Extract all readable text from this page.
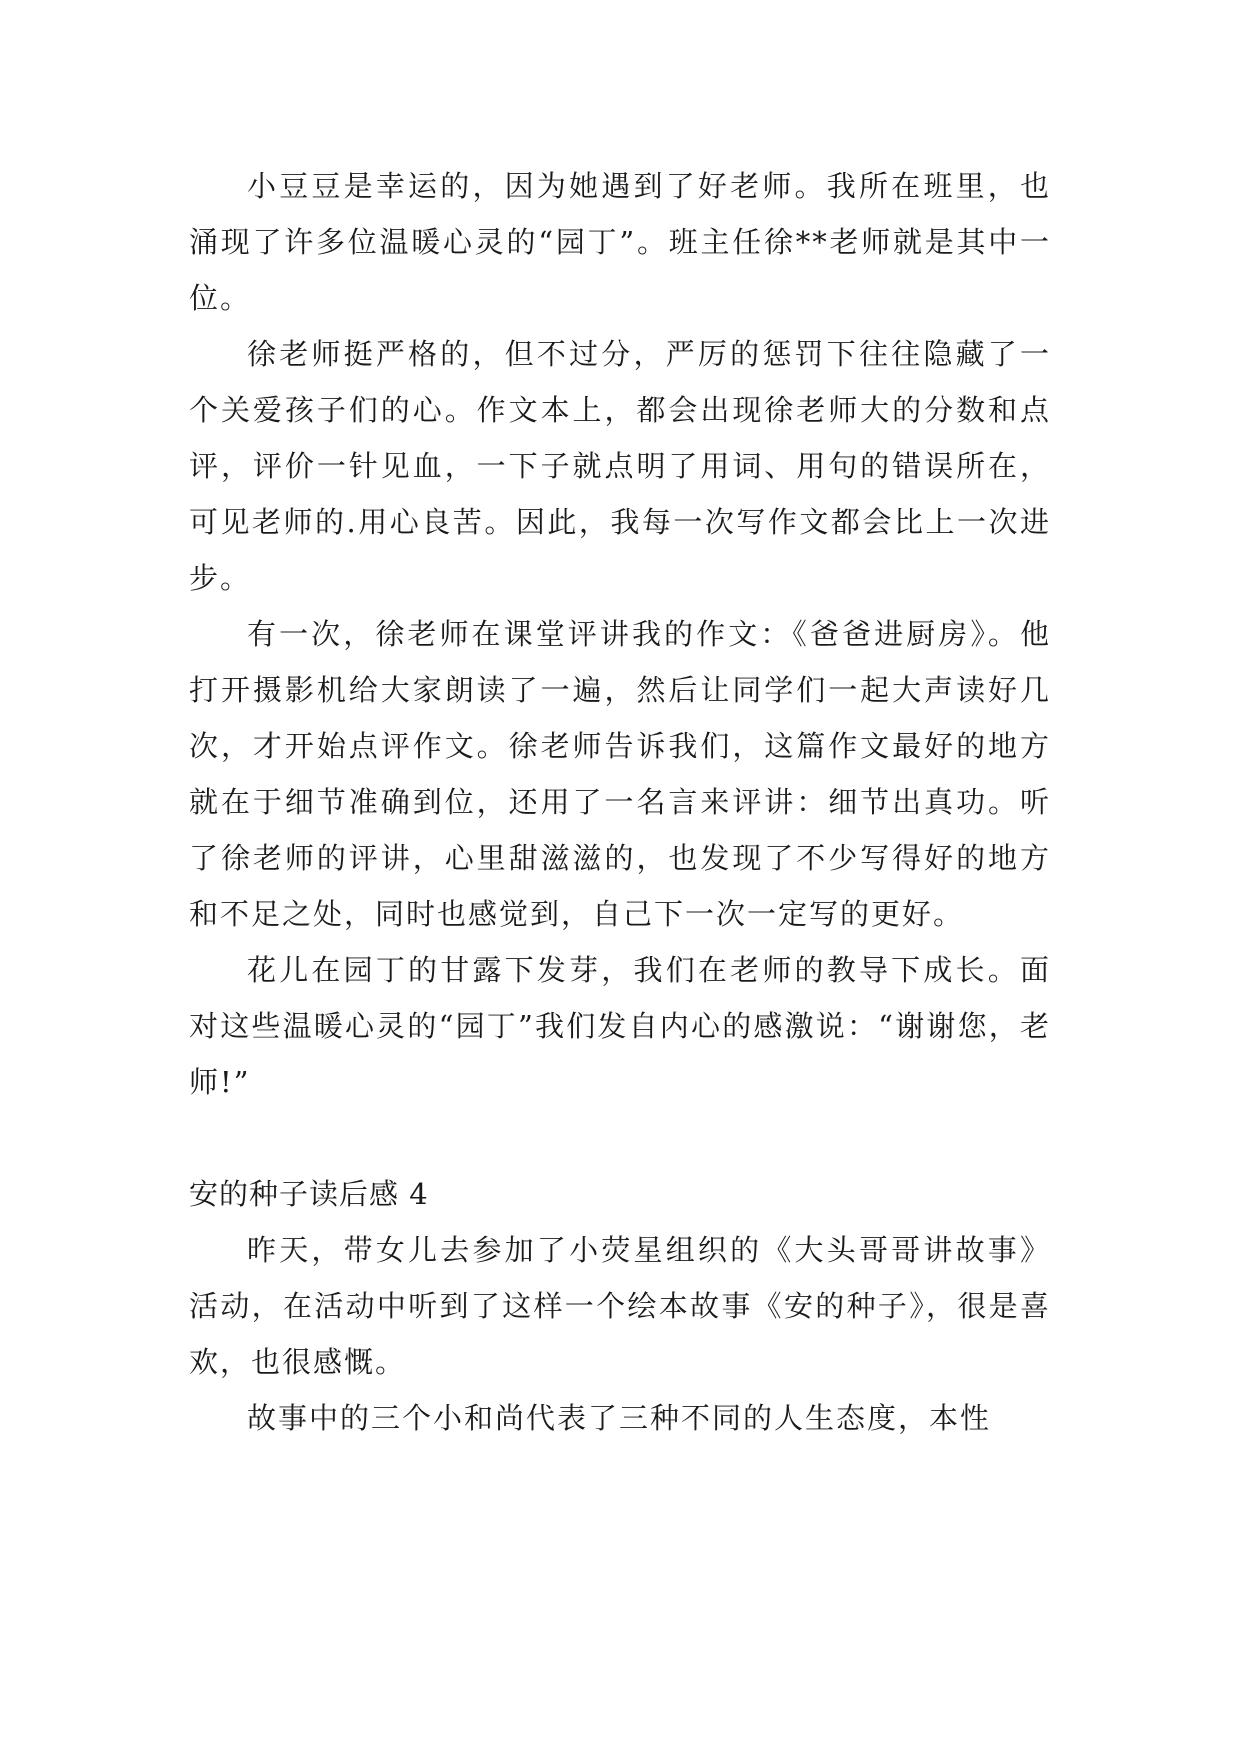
小豆豆是幸运的，因为她遇到了好老师。我所在班里，也涌现了许多位温暖心灵的“园丁”。班主任徐**老师就是其中一位。

徐老师挺严格的，但不过分，严厉的惩罚下往往隐藏了一个关爱孩子们的心。作文本上，都会出现徐老师大的分数和点评，评价一针见血，一下子就点明了用词、用句的错误所在，可见老师的.用心良苦。因此，我每一次写作文都会比上一次进步。

有一次，徐老师在课堂评讲我的作文：《爸爸进厨房》。他打开摄影机给大家朗读了一遍，然后让同学们一起大声读好几次，才开始点评作文。徐老师告诉我们，这篇作文最好的地方就在于细节准确到位，还用了一名言来评讲：细节出真功。听了徐老师的评讲，心里甜滋滋的，也发现了不少写得好的地方和不足之处，同时也感觉到，自己下一次一定写的更好。

花儿在园丁的甘露下发芽，我们在老师的教导下成长。面对这些温暖心灵的“园丁”我们发自内心的感激说：“谢谢您，老师!”

安的种子读后感 4

昨天，带女儿去参加了小荧星组织的《大头哥哥讲故事》活动，在活动中听到了这样一个绘本故事《安的种子》，很是喜欢，也很感慨。

故事中的三个小和尚代表了三种不同的人生态度，本性
